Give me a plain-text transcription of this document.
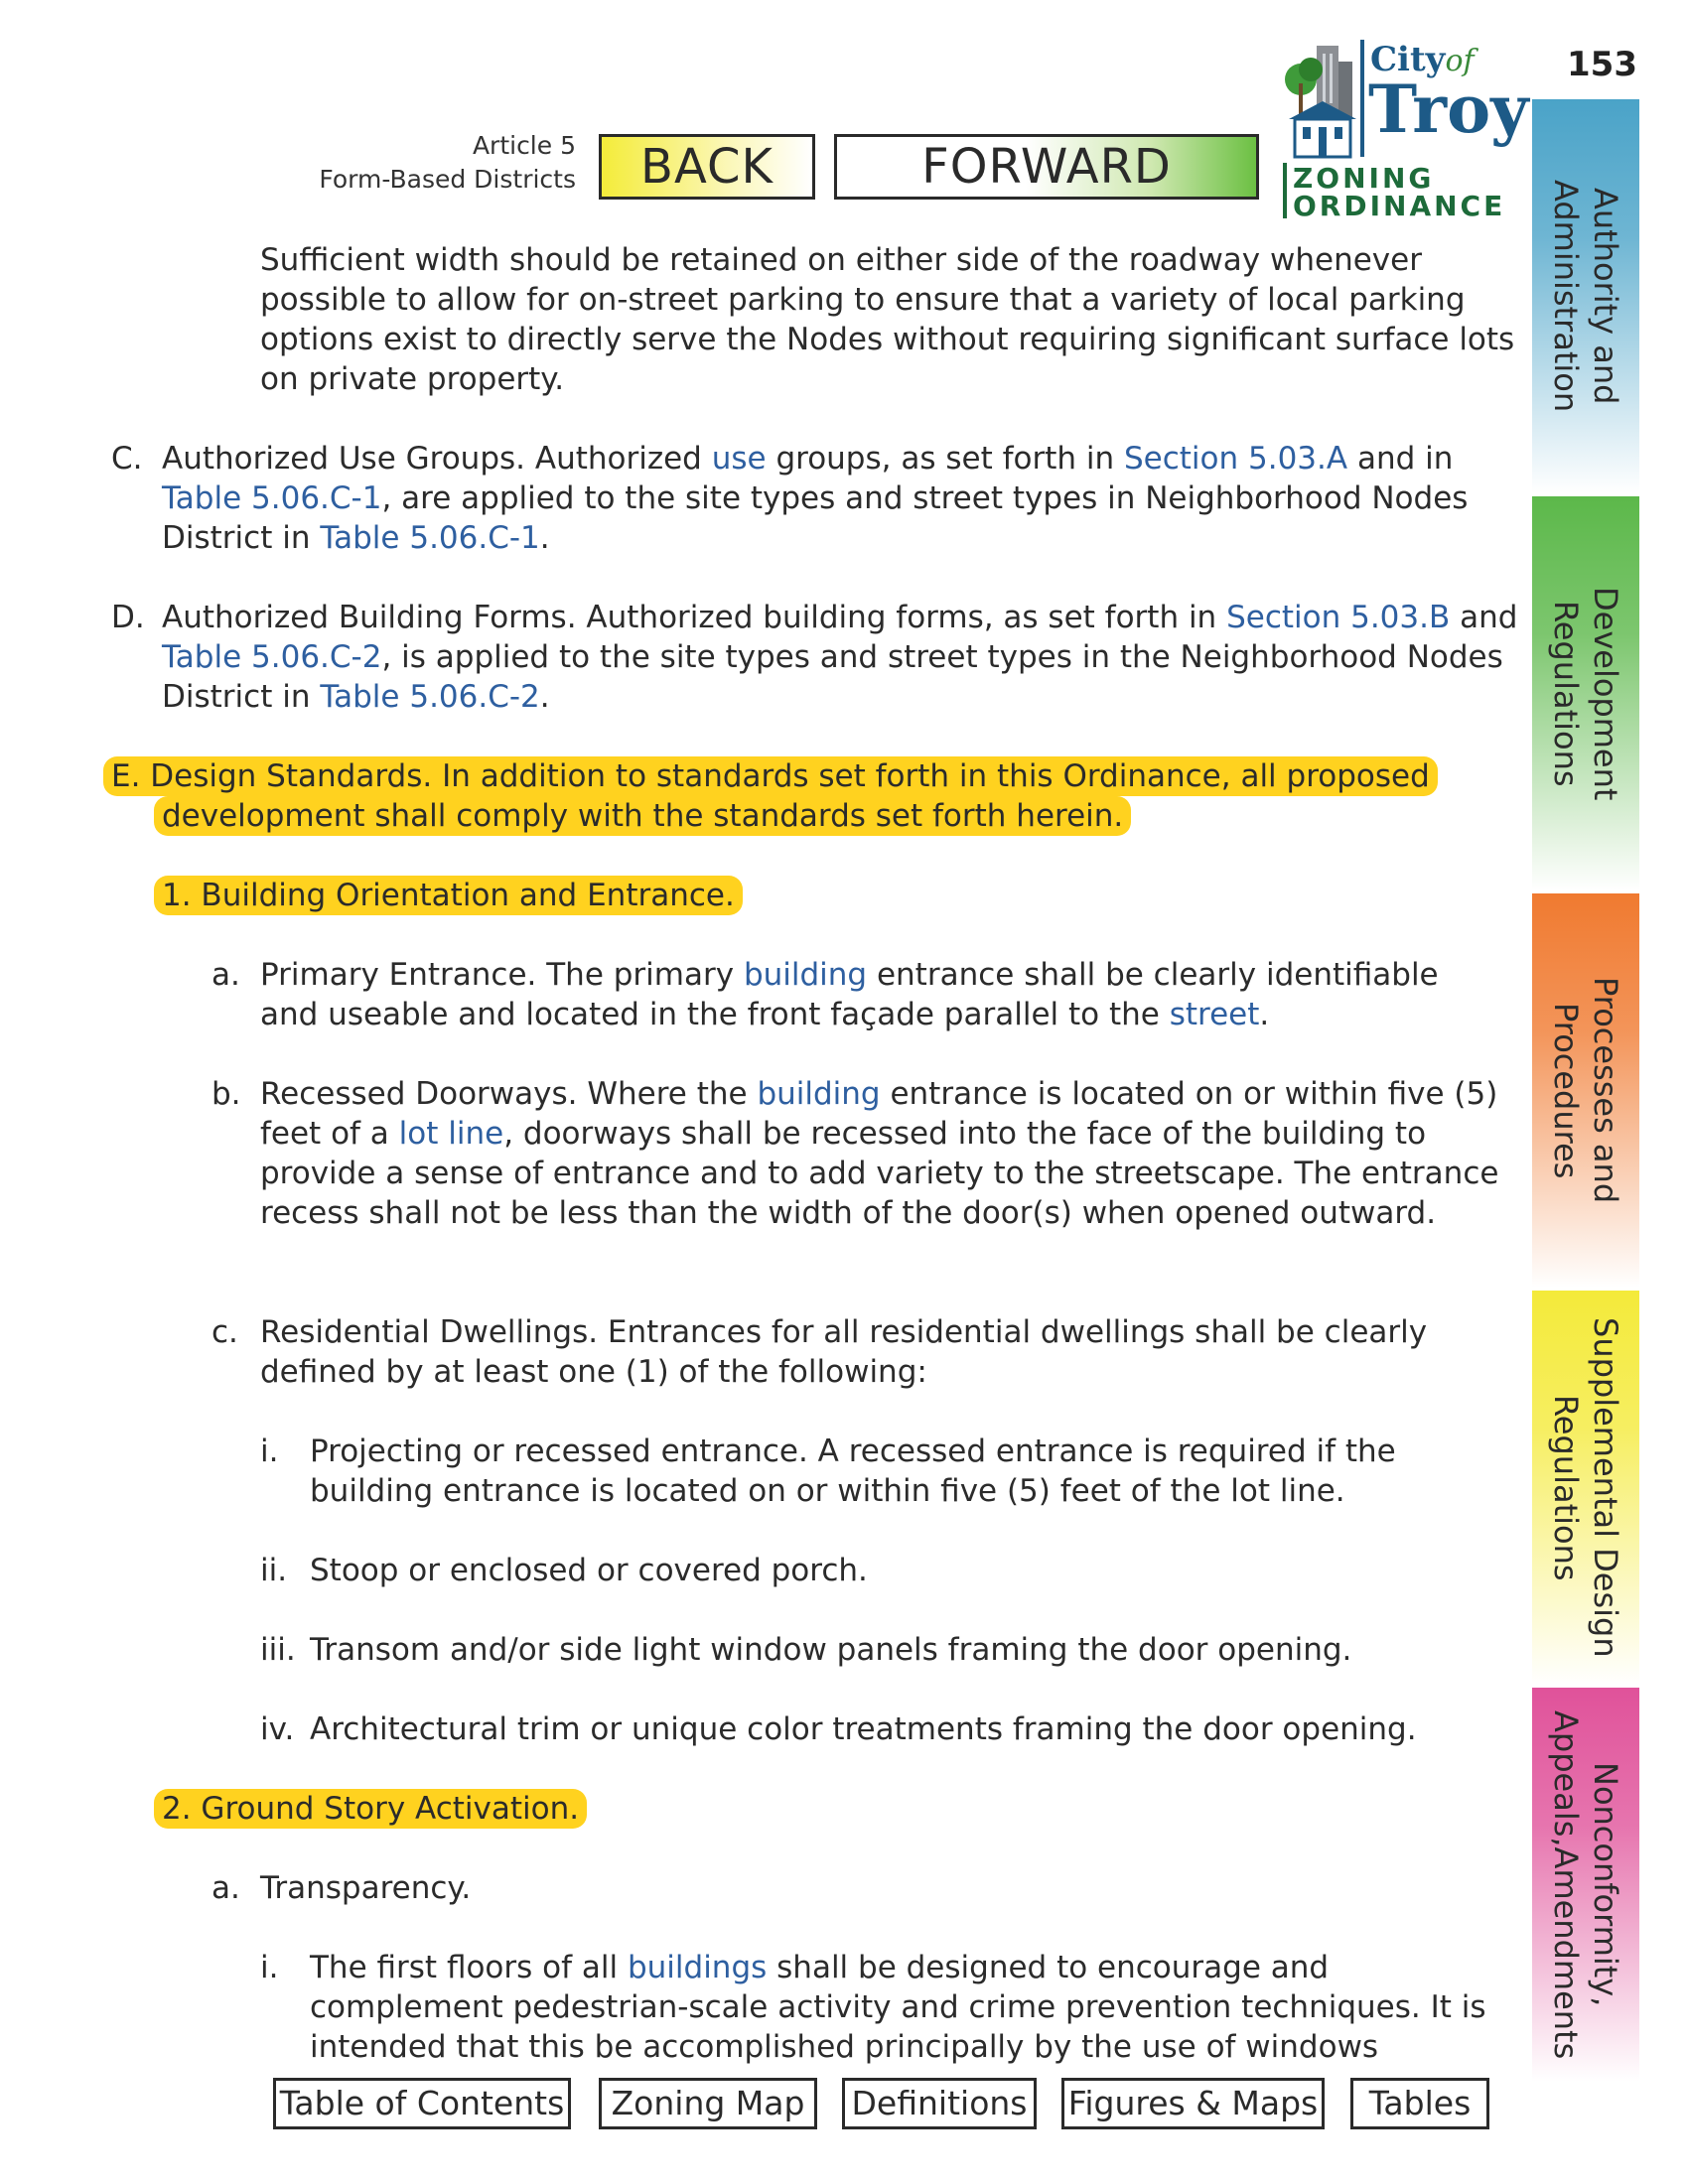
153
Article 5
Form-Based Districts	BACK	FORWARD
Cityof
Troy
ZONING
ORDINANCE
Sufficient width should be retained on either side of the roadway whenever possible to allow for on-street parking to ensure that a variety of local parking options exist to directly serve the Nodes without requiring significant surface lots on private property.
C. Authorized Use Groups. Authorized use groups, as set forth in Section 5.03.A and in Table 5.06.C-1, are applied to the site types and street types in Neighborhood Nodes District in Table 5.06.C-1.
D. Authorized Building Forms. Authorized building forms, as set forth in Section 5.03.B and Table 5.06.C-2, is applied to the site types and street types in the Neighborhood Nodes District in Table 5.06.C-2.
E. Design Standards. In addition to standards set forth in this Ordinance, all proposed
development shall comply with the standards set forth herein.
1. Building Orientation and Entrance.
a. Primary Entrance. The primary building entrance shall be clearly identifiable and useable and located in the front façade parallel to the street.
b. Recessed Doorways. Where the building entrance is located on or within five (5) feet of a lot line, doorways shall be recessed into the face of the building to provide a sense of entrance and to add variety to the streetscape. The entrance recess shall not be less than the width of the door(s) when opened outward.
c. Residential Dwellings. Entrances for all residential dwellings shall be clearly defined by at least one (1) of the following:
i. Projecting or recessed entrance. A recessed entrance is required if the building entrance is located on or within five (5) feet of the lot line.
ii. Stoop or enclosed or covered porch.
iii. Transom and/or side light window panels framing the door opening.
iv. Architectural trim or unique color treatments framing the door opening.
2. Ground Story Activation.
a. Transparency.
i. The first floors of all buildings shall be designed to encourage and complement pedestrian-scale activity and crime prevention techniques. It is intended that this be accomplished principally by the use of windows
Authority and
Administration
Development
Regulations
Processes and
Procedures
Supplemental Design
Regulations
Nonconformity,
Appeals,Amendments
Table of Contents	Zoning Map	Definitions Figures & Maps	Tables
